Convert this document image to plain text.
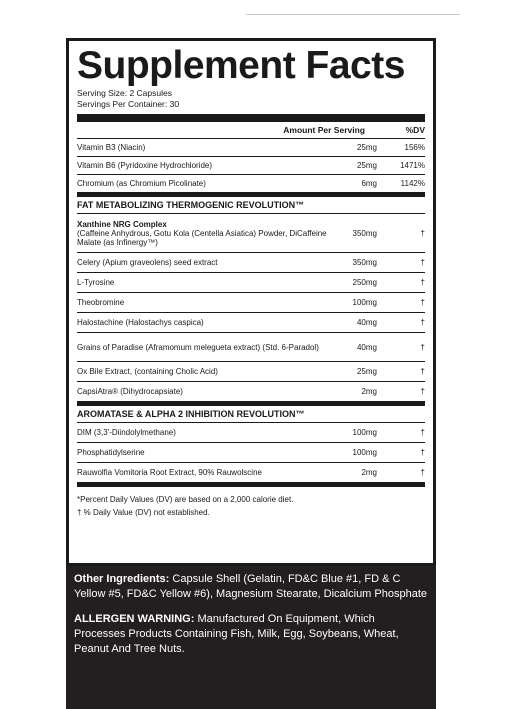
Supplement Facts
Serving Size: 2 Capsules
Servings Per Container: 30
Amount Per Serving	%DV
Vitamin B3 (Niacin)	25mg	156%
Vitamin B6 (Pyridoxine Hydrochloride)	25mg	1471%
Chromium (as Chromium Picolinate)	6mg	1142%
FAT METABOLIZING THERMOGENIC REVOLUTION™
Xanthine NRG Complex
(Caffeine Anhydrous, Gotu Kola (Centella Asiatica) Powder, DiCaffeine Malate (as Infinergy™)
350mg	†
Celery (Apium graveolens) seed extract	350mg	†
L-Tyrosine	250mg	†
Theobromine	100mg	†
Halostachine (Halostachys caspica)	40mg	†
Grains of Paradise (Aframomum melegueta extract) (Std. 6-Paradol)	40mg	†
Ox Bile Extract, (containing Cholic Acid)	25mg	†
CapsiAtra® (Dihydrocapsiate)	2mg	†
AROMATASE & ALPHA 2 INHIBITION REVOLUTION™
DIM (3,3'-Diindolylmethane)	100mg	†
Phosphatidylserine	100mg	†
Rauwolfia Vomitoria Root Extract, 90% Rauwolscine	2mg	†
*Percent Daily Values (DV) are based on a 2,000 calorie diet.
† % Daily Value (DV) not established.

Other Ingredients: Capsule Shell (Gelatin, FD&C Blue #1, FD & C Yellow #5, FD&C Yellow #6), Magnesium Stearate, Dicalcium Phosphate

ALLERGEN WARNING: Manufactured On Equipment, Which Processes Products Containing Fish, Milk, Egg, Soybeans, Wheat, Peanut And Tree Nuts.
